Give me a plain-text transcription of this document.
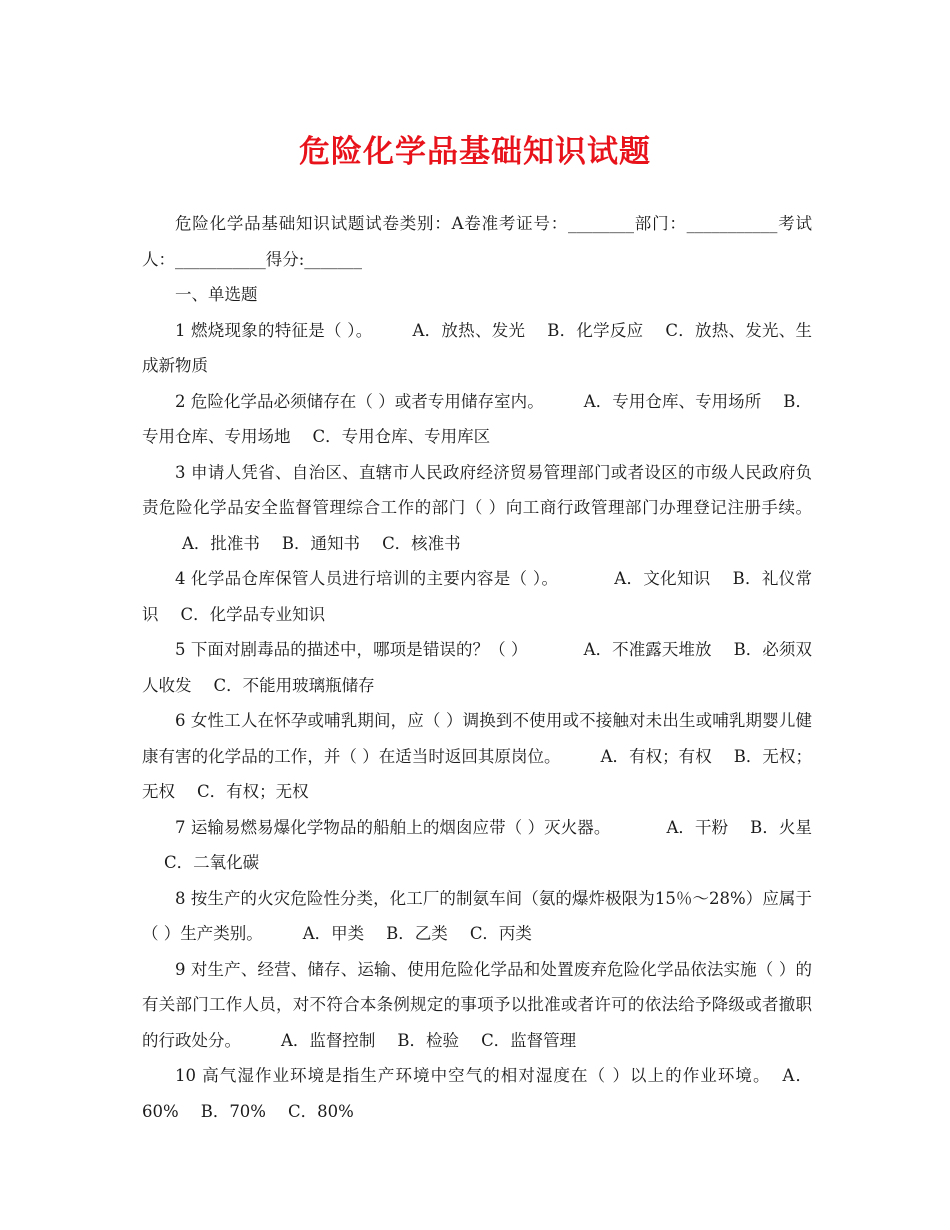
危险化学品基础知识试题

危险化学品基础知识试题试卷类别：A卷准考证号：________部门：___________考试人：___________得分:_______

一、单选题

1 燃烧现象的特征是（ ）。 A．放热、发光 B．化学反应 C．放热、发光、生成新物质

2 危险化学品必须储存在（ ）或者专用储存室内。 A．专用仓库、专用场所 B．专用仓库、专用场地 C．专用仓库、专用库区

3 申请人凭省、自治区、直辖市人民政府经济贸易管理部门或者设区的市级人民政府负责危险化学品安全监督管理综合工作的部门（ ）向工商行政管理部门办理登记注册手续。A．批准书 B．通知书 C．核准书

4 化学品仓库保管人员进行培训的主要内容是（ ）。	A．文化知识 B．礼仪常识 C．化学品专业知识

5 下面对剧毒品的描述中，哪项是错误的？（ ）	A．不准露天堆放 B．必须双人收发 C．不能用玻璃瓶储存

6 女性工人在怀孕或哺乳期间，应（ ）调换到不使用或不接触对未出生或哺乳期婴儿健康有害的化学品的工作，并（ ）在适当时返回其原岗位。 A．有权；有权 B．无权；无权 C．有权；无权

7 运输易燃易爆化学物品的船舶上的烟囱应带（ ）灭火器。	A．干粉 B．火星C．二氧化碳

8 按生产的火灾危险性分类，化工厂的制氨车间（氨的爆炸极限为15％～28%）应属于（ ）生产类别。 A．甲类 B．乙类 C．丙类

9 对生产、经营、储存、运输、使用危险化学品和处置废弃危险化学品依法实施（ ）的有关部门工作人员，对不符合本条例规定的事项予以批准或者许可的依法给予降级或者撤职的行政处分。 A．监督控制 B．检验 C．监督管理

10 高气湿作业环境是指生产环境中空气的相对湿度在（ ）以上的作业环境。 A．60% B．70% C．80%
